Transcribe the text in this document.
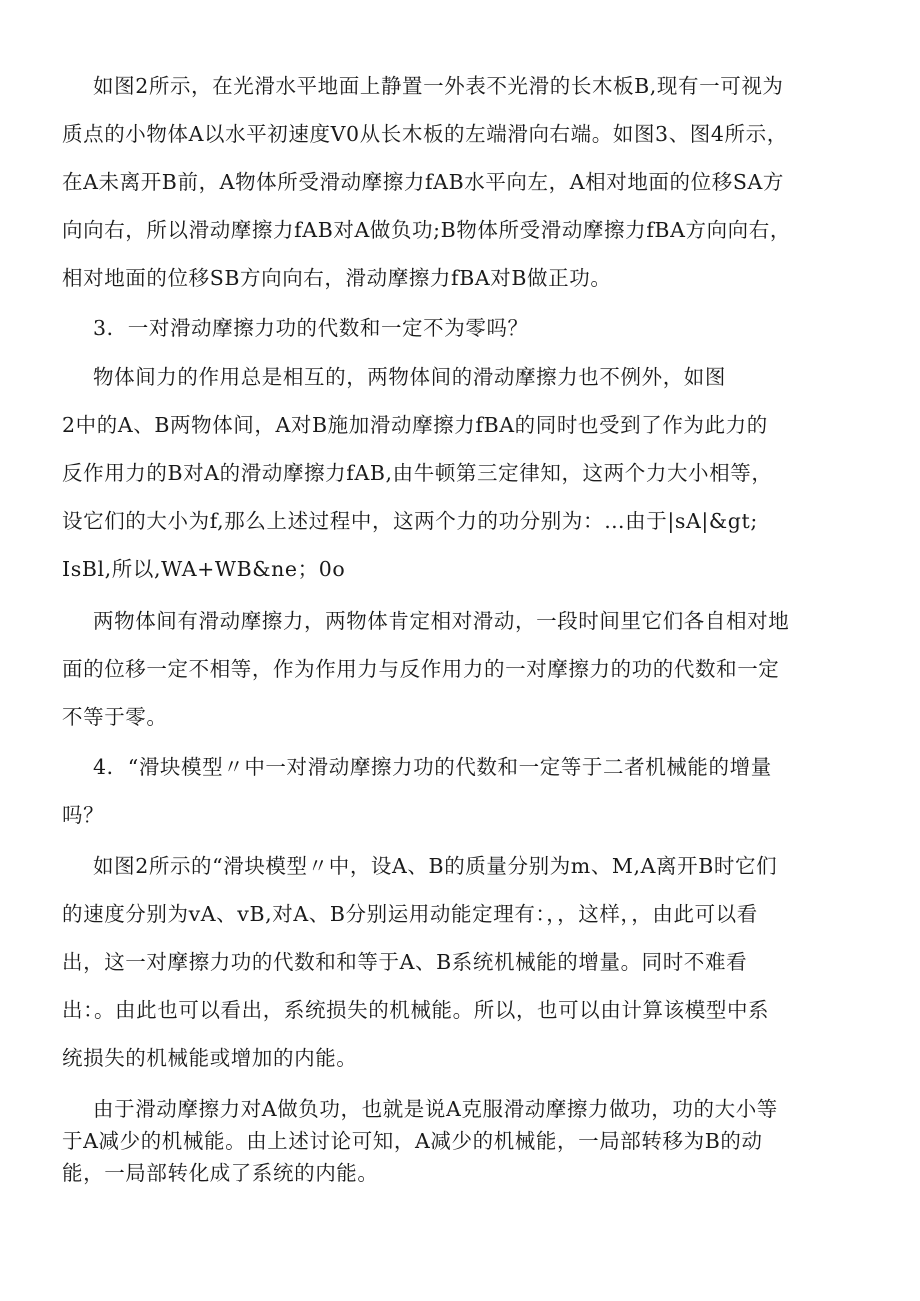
如图2所示，在光滑水平地面上静置一外表不光滑的长木板B,现有一可视为
质点的小物体A以水平初速度V0从长木板的左端滑向右端。如图3、图4所示，
在A未离开B前，A物体所受滑动摩擦力fAB水平向左，A相对地面的位移SA方
向向右，所以滑动摩擦力fAB对A做负功;B物体所受滑动摩擦力fBA方向向右，
相对地面的位移SB方向向右，滑动摩擦力fBA对B做正功。
3．一对滑动摩擦力功的代数和一定不为零吗？
物体间力的作用总是相互的，两物体间的滑动摩擦力也不例外，如图
2中的A、B两物体间，A对B施加滑动摩擦力fBA的同时也受到了作为此力的
反作用力的B对A的滑动摩擦力fAB,由牛顿第三定律知，这两个力大小相等，
设它们的大小为f,那么上述过程中，这两个力的功分别为：…由于|sA|&gt;
IsBl,所以,WA+WB&ne；0o
两物体间有滑动摩擦力，两物体肯定相对滑动，一段时间里它们各自相对地
面的位移一定不相等，作为作用力与反作用力的一对摩擦力的功的代数和一定
不等于零。
4．“滑块模型〃中一对滑动摩擦力功的代数和一定等于二者机械能的增量
吗？
如图2所示的“滑块模型〃中，设A、B的质量分别为m、M,A离开B时它们
的速度分别为vA、vB,对A、B分别运用动能定理有：，，这样，，由此可以看
出，这一对摩擦力功的代数和和等于A、B系统机械能的增量。同时不难看
出：。由此也可以看出，系统损失的机械能。所以，也可以由计算该模型中系
统损失的机械能或增加的内能。
由于滑动摩擦力对A做负功，也就是说A克服滑动摩擦力做功，功的大小等
于A减少的机械能。由上述讨论可知，A减少的机械能，一局部转移为B的动
能，一局部转化成了系统的内能。
